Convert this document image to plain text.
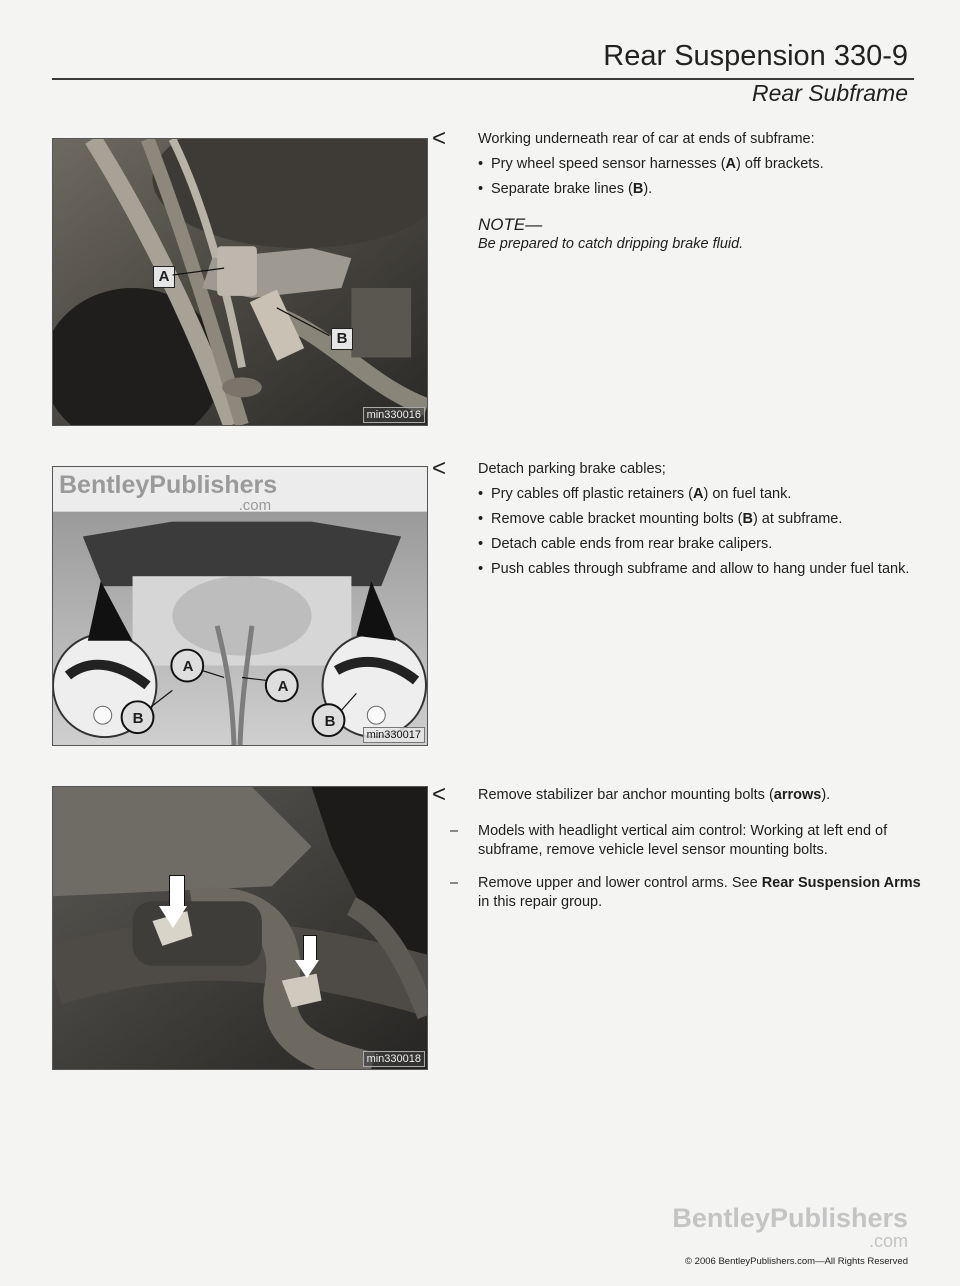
Rear Suspension 330-9
Rear Subframe
A
B
min330016
A
A
B	B
BentleyPublishers
.com
min330017
min330018
< Working underneath rear of car at ends of subframe:
• Pry wheel speed sensor harnesses (A) off brackets.
• Separate brake lines (B).
NOTE—
Be prepared to catch dripping brake fluid.
< Detach parking brake cables;
• Pry cables off plastic retainers (A) on fuel tank.
• Remove cable bracket mounting bolts (B) at subframe.
• Detach cable ends from rear brake calipers.
• Push cables through subframe and allow to hang under fuel tank.
< Remove stabilizer bar anchor mounting bolts (arrows).
– Models with headlight vertical aim control: Working at left end of subframe, remove vehicle level sensor mounting bolts.
– Remove upper and lower control arms. See Rear Suspension Arms in this repair group.
BentleyPublishers
.com
© 2006 BentleyPublishers.com—All Rights Reserved
